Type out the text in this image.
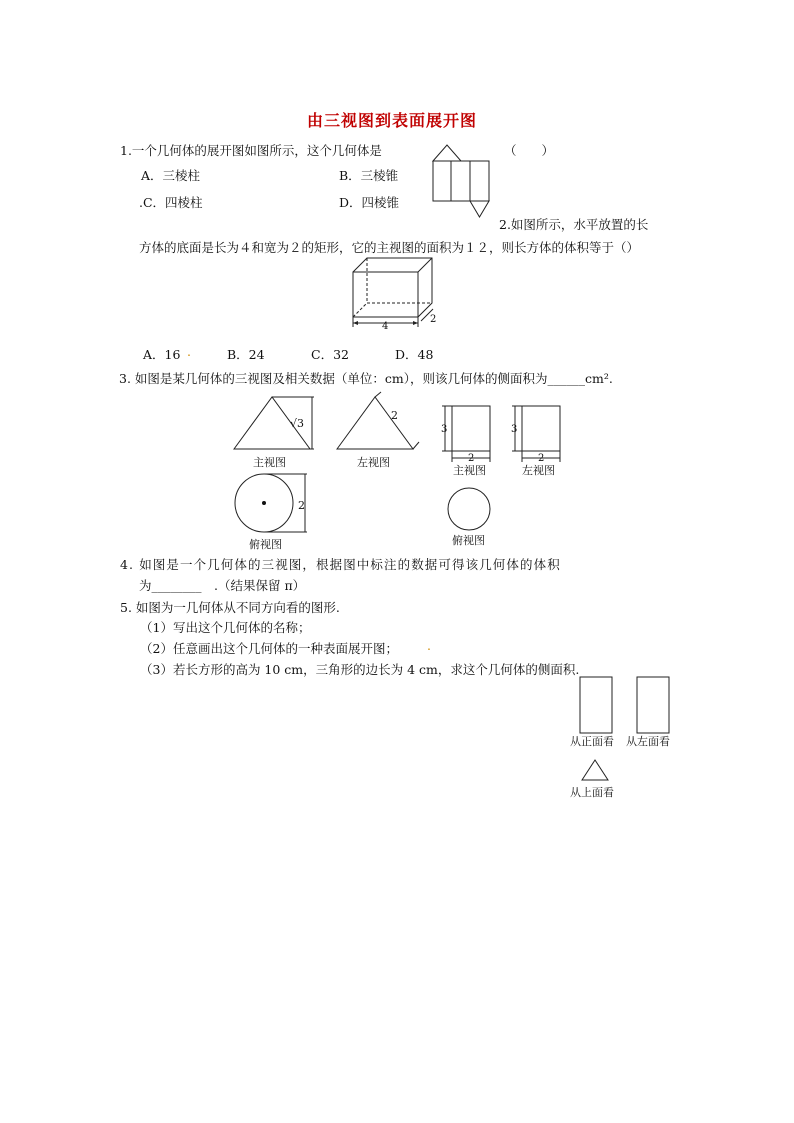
由三视图到表面展开图
1.一个几何体的展开图如图所示，这个几何体是	（　　）
A．三棱柱	B．三棱锥
.C．四棱柱	D．四棱锥
2.如图所示，水平放置的长
方体的底面是长为４和宽为２的矩形，它的主视图的面积为１２，则长方体的体积等于（）
4
2
A．16 .	B．24	C．32	D．48
3. 如图是某几何体的三视图及相关数据（单位：cm），则该几何体的侧面积为______cm².
√3
2
2
主视图	左视图
俯视图
3	3
2	2
主视图	左视图
俯视图
4. 如图是一个几何体的三视图，根据图中标注的数据可得该几何体的体积
为________　.（结果保留 π）
5. 如图为一几何体从不同方向看的图形.
（1）写出这个几何体的名称；
（2）任意画出这个几何体的一种表面展开图； .
（3）若长方形的高为 10 cm，三角形的边长为 4 cm，求这个几何体的侧面积.
从正面看 从左面看
从上面看
